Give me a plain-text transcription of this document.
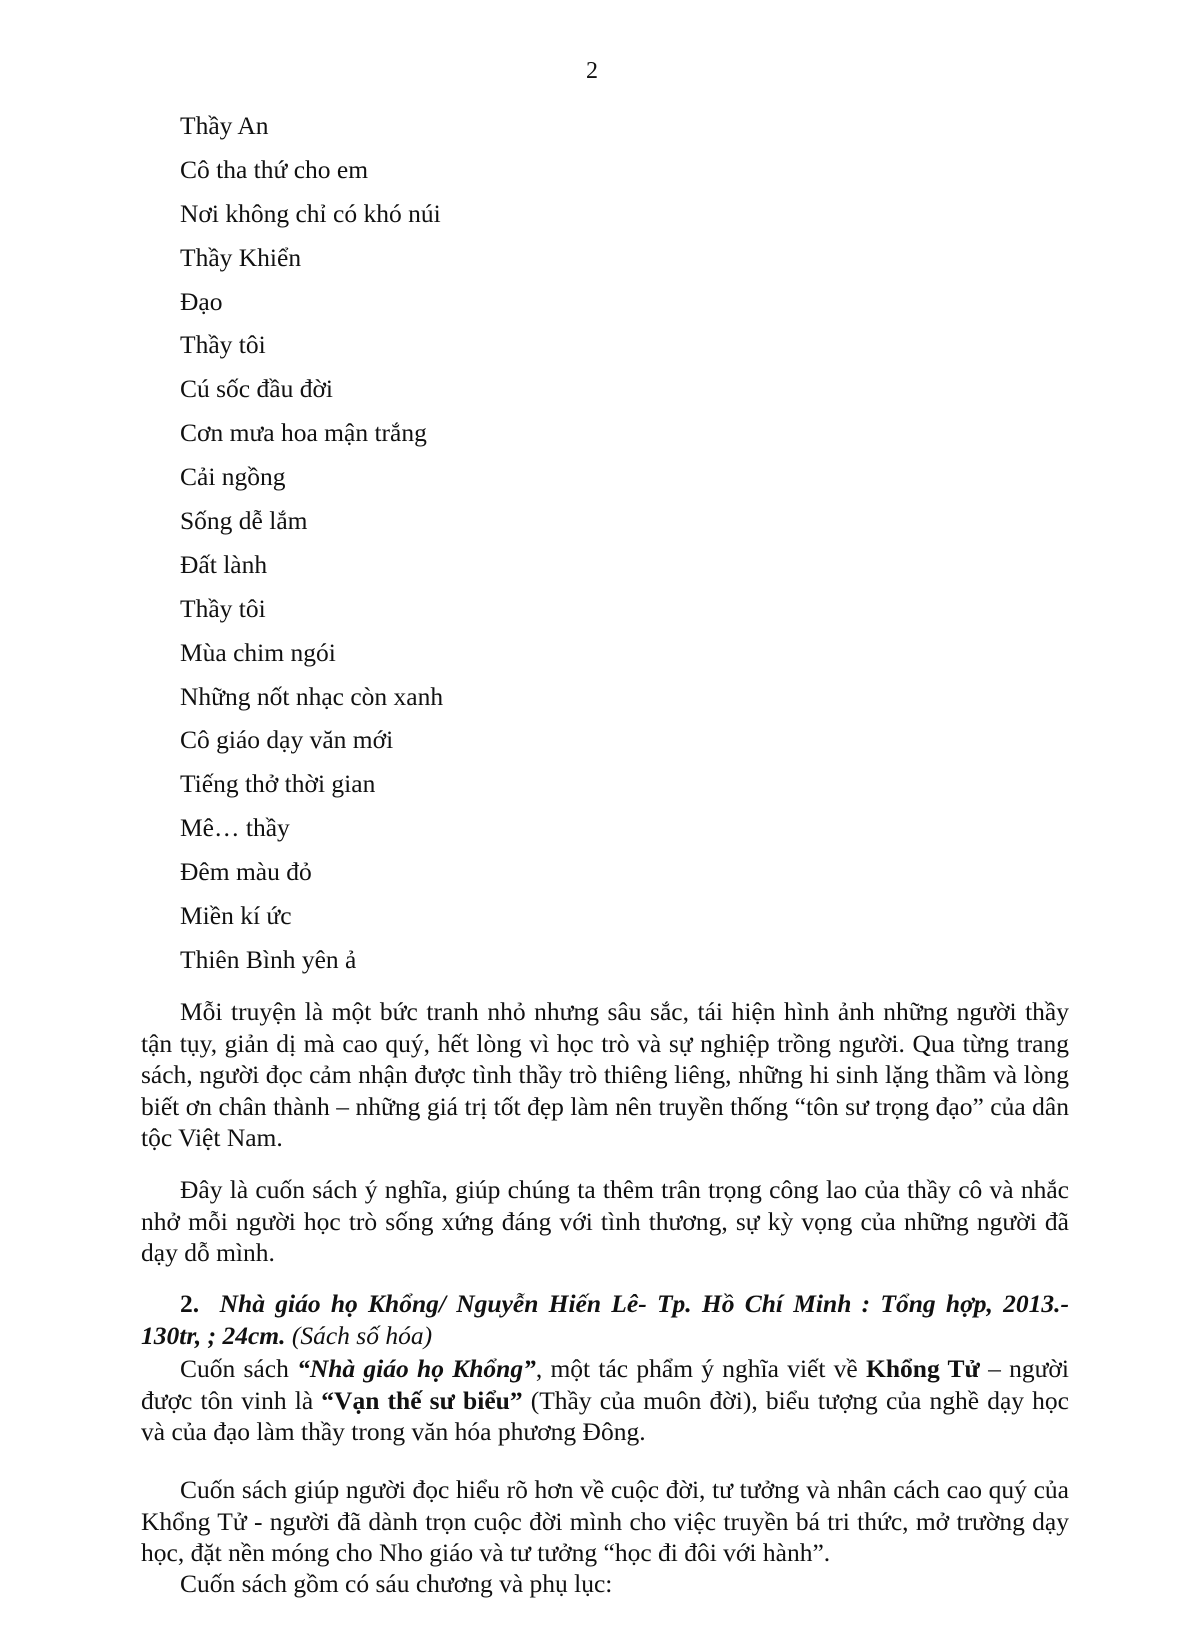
2
Thầy An
Cô tha thứ cho em
Nơi không chỉ có khó núi
Thầy Khiển
Đạo
Thầy tôi
Cú sốc đầu đời
Cơn mưa hoa mận trắng
Cải ngồng
Sống dễ lắm
Đất lành
Thầy tôi
Mùa chim ngói
Những nốt nhạc còn xanh
Cô giáo dạy văn mới
Tiếng thở thời gian
Mê… thầy
Đêm màu đỏ
Miền kí ức
Thiên Bình yên ả

Mỗi truyện là một bức tranh nhỏ nhưng sâu sắc, tái hiện hình ảnh những người thầy tận tụy, giản dị mà cao quý, hết lòng vì học trò và sự nghiệp trồng người. Qua từng trang sách, người đọc cảm nhận được tình thầy trò thiêng liêng, những hi sinh lặng thầm và lòng biết ơn chân thành – những giá trị tốt đẹp làm nên truyền thống “tôn sư trọng đạo” của dân tộc Việt Nam.

Đây là cuốn sách ý nghĩa, giúp chúng ta thêm trân trọng công lao của thầy cô và nhắc nhở mỗi người học trò sống xứng đáng với tình thương, sự kỳ vọng của những người đã dạy dỗ mình.

2. Nhà giáo họ Khổng/ Nguyễn Hiến Lê- Tp. Hồ Chí Minh : Tổng hợp, 2013.- 130tr, ; 24cm. (Sách số hóa)

Cuốn sách “Nhà giáo họ Khổng”, một tác phẩm ý nghĩa viết về Khổng Tử – người được tôn vinh là “Vạn thế sư biểu” (Thầy của muôn đời), biểu tượng của nghề dạy học và của đạo làm thầy trong văn hóa phương Đông.

Cuốn sách giúp người đọc hiểu rõ hơn về cuộc đời, tư tưởng và nhân cách cao quý của Khổng Tử - người đã dành trọn cuộc đời mình cho việc truyền bá tri thức, mở trường dạy học, đặt nền móng cho Nho giáo và tư tưởng “học đi đôi với hành”.

Cuốn sách gồm có sáu chương và phụ lục:
